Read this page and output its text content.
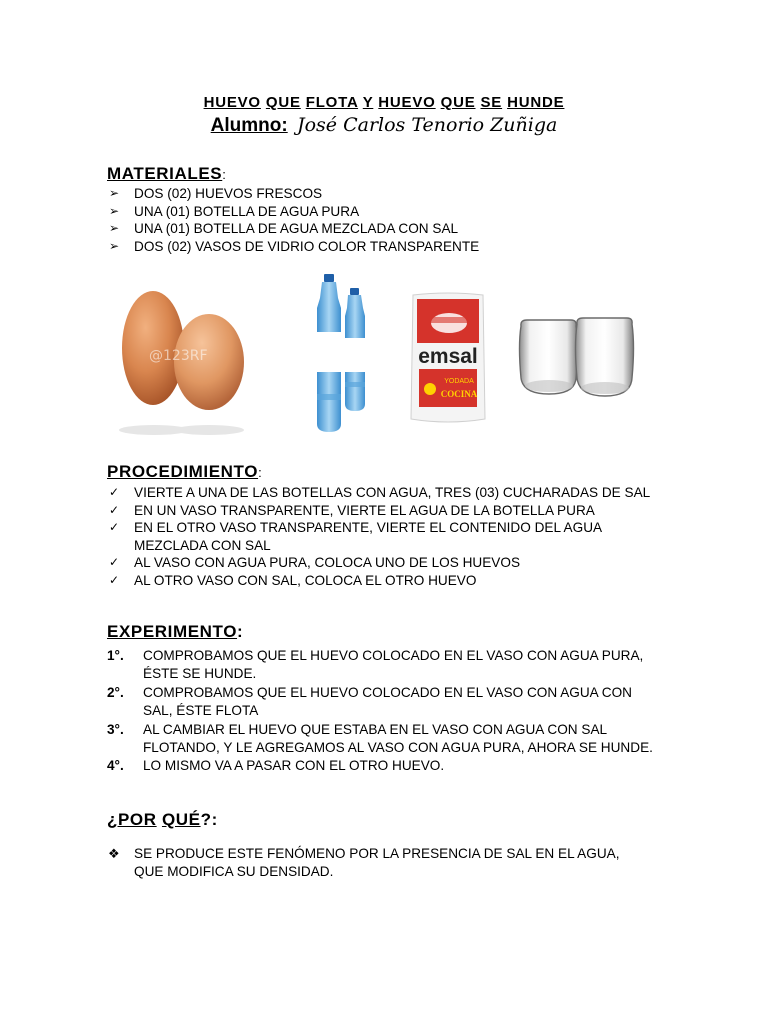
HUEVO QUE FLOTA Y HUEVO QUE SE HUNDE
Alumno: José Carlos Tenorio Zuñiga
MATERIALES:
➢ DOS (02) HUEVOS FRESCOS
➢ UNA (01) BOTELLA DE AGUA PURA
➢ UNA (01) BOTELLA DE AGUA MEZCLADA CON SAL
➢ DOS (02) VASOS DE VIDRIO COLOR TRANSPARENTE
@123RF	emsal
YODADA
COCINA
PROCEDIMIENTO:
✓ VIERTE A UNA DE LAS BOTELLAS CON AGUA, TRES (03) CUCHARADAS DE SAL
✓ EN UN VASO TRANSPARENTE, VIERTE EL AGUA DE LA BOTELLA PURA
✓ EN EL OTRO VASO TRANSPARENTE, VIERTE EL CONTENIDO DEL AGUA MEZCLADA CON SAL
✓ AL VASO CON AGUA PURA, COLOCA UNO DE LOS HUEVOS
✓ AL OTRO VASO CON SAL, COLOCA EL OTRO HUEVO
EXPERIMENTO:
1°. COMPROBAMOS QUE EL HUEVO COLOCADO EN EL VASO CON AGUA PURA, ÉSTE SE HUNDE.
2°. COMPROBAMOS QUE EL HUEVO COLOCADO EN EL VASO CON AGUA CON SAL, ÉSTE FLOTA
3°. AL CAMBIAR EL HUEVO QUE ESTABA EN EL VASO CON AGUA CON SAL FLOTANDO, Y LE AGREGAMOS AL VASO CON AGUA PURA, AHORA SE HUNDE.
4°. LO MISMO VA A PASAR CON EL OTRO HUEVO.
¿POR QUÉ?:
❖ SE PRODUCE ESTE FENÓMENO POR LA PRESENCIA DE SAL EN EL AGUA, QUE MODIFICA SU DENSIDAD.
